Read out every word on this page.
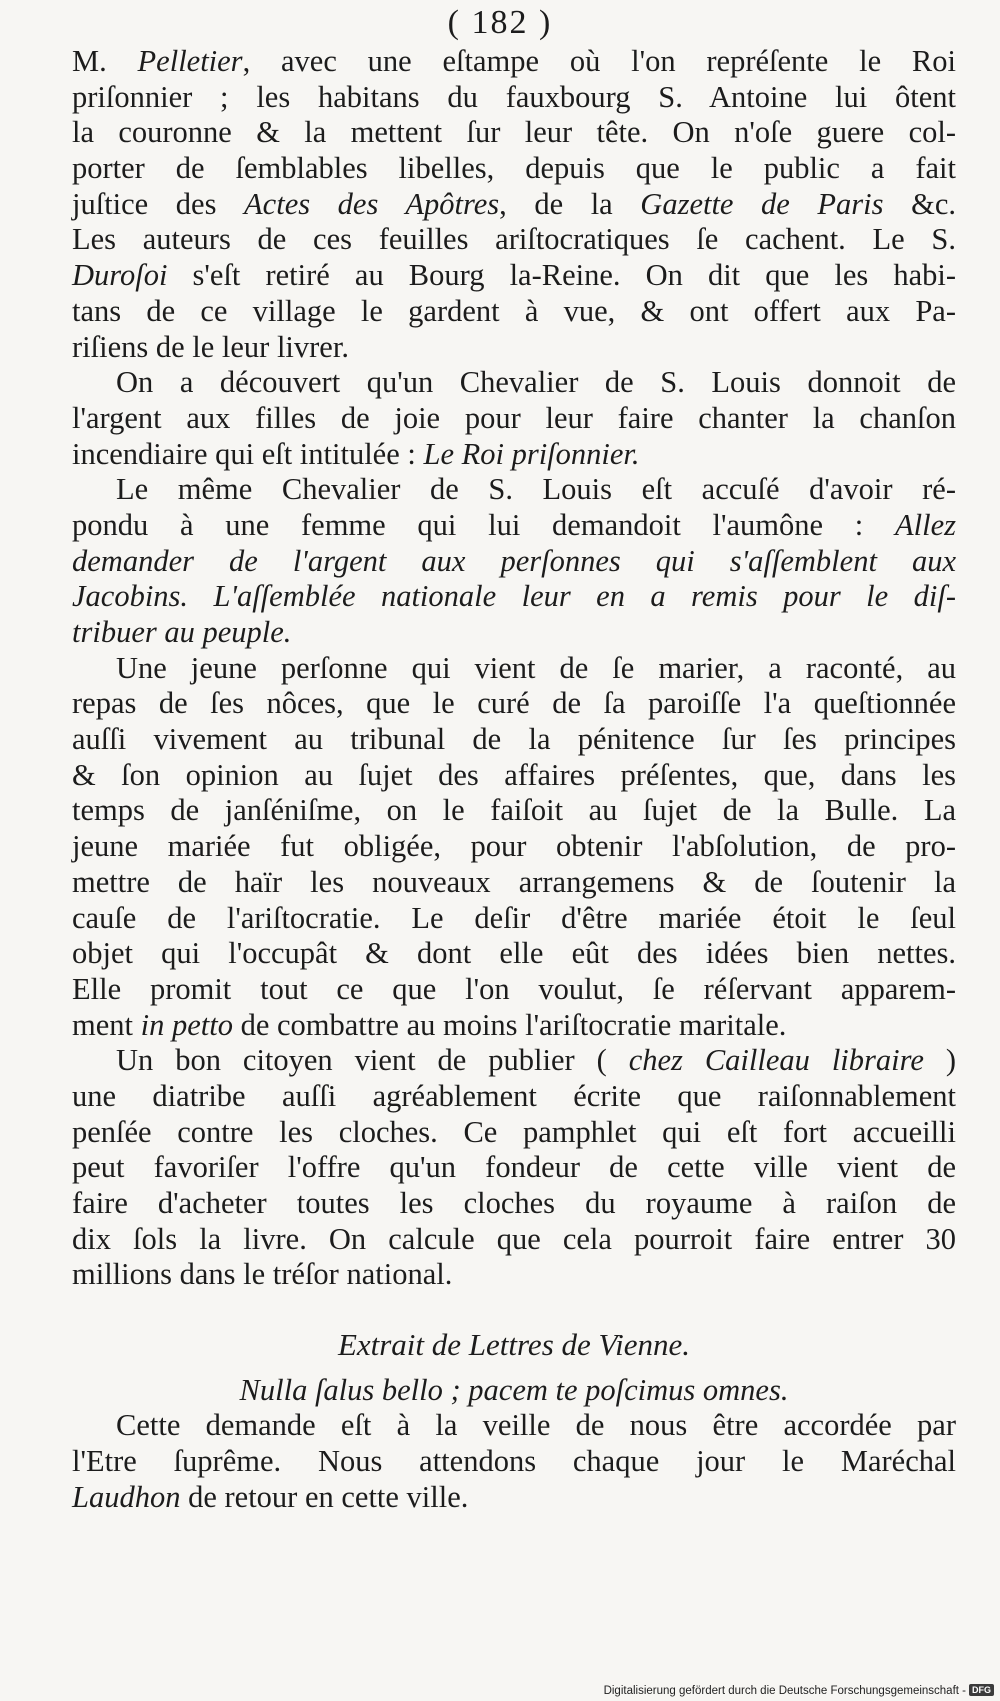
( 182 )
M. Pelletier, avec une eſtampe où l'on repréſente le Roi
priſonnier ; les habitans du fauxbourg S. Antoine lui ôtent
la couronne & la mettent ſur leur tête. On n'oſe guere col-
porter de ſemblables libelles, depuis que le public a fait
juſtice des Actes des Apôtres, de la Gazette de Paris &c.
Les auteurs de ces feuilles ariſtocratiques ſe cachent. Le S.
Duroſoi s'eſt retiré au Bourg la-Reine. On dit que les habi-
tans de ce village le gardent à vue, & ont offert aux Pa-
riſiens de le leur livrer.
On a découvert qu'un Chevalier de S. Louis donnoit de
l'argent aux filles de joie pour leur faire chanter la chanſon
incendiaire qui eſt intitulée : Le Roi priſonnier.
Le même Chevalier de S. Louis eſt accuſé d'avoir ré-
pondu à une femme qui lui demandoit l'aumône : Allez
demander de l'argent aux perſonnes qui s'aſſemblent aux
Jacobins. L'aſſemblée nationale leur en a remis pour le diſ-
tribuer au peuple.
Une jeune perſonne qui vient de ſe marier, a raconté, au
repas de ſes nôces, que le curé de ſa paroiſſe l'a queſtionnée
auſſi vivement au tribunal de la pénitence ſur ſes principes
& ſon opinion au ſujet des affaires préſentes, que, dans les
temps de janſéniſme, on le faiſoit au ſujet de la Bulle. La
jeune mariée fut obligée, pour obtenir l'abſolution, de pro-
mettre de haïr les nouveaux arrangemens & de ſoutenir la
cauſe de l'ariſtocratie. Le deſir d'être mariée étoit le ſeul
objet qui l'occupât & dont elle eût des idées bien nettes.
Elle promit tout ce que l'on voulut, ſe réſervant apparem-
ment in petto de combattre au moins l'ariſtocratie maritale.
Un bon citoyen vient de publier ( chez Cailleau libraire )
une diatribe auſſi agréablement écrite que raiſonnablement
penſée contre les cloches. Ce pamphlet qui eſt fort accueilli
peut favoriſer l'offre qu'un fondeur de cette ville vient de
faire d'acheter toutes les cloches du royaume à raiſon de
dix ſols la livre. On calcule que cela pourroit faire entrer 30
millions dans le tréſor national.
Extrait de Lettres de Vienne.
Nulla ſalus bello ; pacem te poſcimus omnes.
Cette demande eſt à la veille de nous être accordée par
l'Etre ſuprême. Nous attendons chaque jour le Maréchal
Laudhon de retour en cette ville.
Digitalisierung gefördert durch die Deutsche Forschungsgemeinschaft - DFG
